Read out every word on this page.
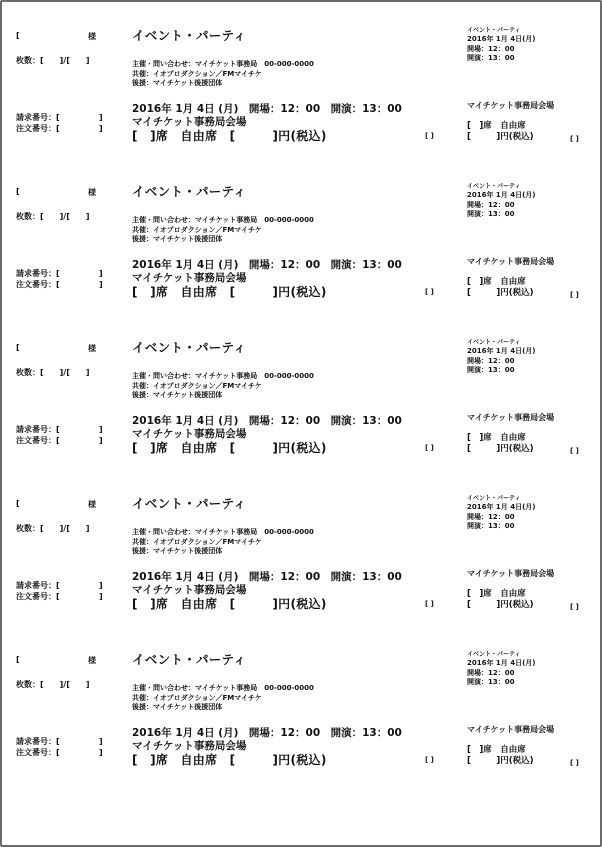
[	様
枚数：[　　]/[　　]
イベント・パーティ
主催・問い合わせ：マイチケット事務局　00-000-0000
共催：イオプロダクション／FMマイチケ
後援：マイチケット後援団体
請求番号：[	]
注文番号：[	]
2016年 1月 4日 (月)　開場：12：00　開演：13：00
マイチケット事務局会場
[　]席　自由席　[　　　]円(税込)	[ ]
イベント・パーティ
2016年 1月 4日(月)
開場：12：00
開演：13：00
マイチケット事務局会場
[　]席　自由席
[　　　]円(税込)	[ ]
[	様
枚数：[　　]/[　　]
イベント・パーティ
主催・問い合わせ：マイチケット事務局　00-000-0000
共催：イオプロダクション／FMマイチケ
後援：マイチケット後援団体
請求番号：[	]
注文番号：[	]
2016年 1月 4日 (月)　開場：12：00　開演：13：00
マイチケット事務局会場
[　]席　自由席　[　　　]円(税込)	[ ]
イベント・パーティ
2016年 1月 4日(月)
開場：12：00
開演：13：00
マイチケット事務局会場
[　]席　自由席
[　　　]円(税込)	[ ]
[	様
枚数：[　　]/[　　]
イベント・パーティ
主催・問い合わせ：マイチケット事務局　00-000-0000
共催：イオプロダクション／FMマイチケ
後援：マイチケット後援団体
請求番号：[	]
注文番号：[	]
2016年 1月 4日 (月)　開場：12：00　開演：13：00
マイチケット事務局会場
[　]席　自由席　[　　　]円(税込)	[ ]
イベント・パーティ
2016年 1月 4日(月)
開場：12：00
開演：13：00
マイチケット事務局会場
[　]席　自由席
[　　　]円(税込)	[ ]
[	様
枚数：[　　]/[　　]
イベント・パーティ
主催・問い合わせ：マイチケット事務局　00-000-0000
共催：イオプロダクション／FMマイチケ
後援：マイチケット後援団体
請求番号：[	]
注文番号：[	]
2016年 1月 4日 (月)　開場：12：00　開演：13：00
マイチケット事務局会場
[　]席　自由席　[　　　]円(税込)	[ ]
イベント・パーティ
2016年 1月 4日(月)
開場：12：00
開演：13：00
マイチケット事務局会場
[　]席　自由席
[　　　]円(税込)	[ ]
[	様
枚数：[　　]/[　　]
イベント・パーティ
主催・問い合わせ：マイチケット事務局　00-000-0000
共催：イオプロダクション／FMマイチケ
後援：マイチケット後援団体
請求番号：[	]
注文番号：[	]
2016年 1月 4日 (月)　開場：12：00　開演：13：00
マイチケット事務局会場
[　]席　自由席　[　　　]円(税込)	[ ]
イベント・パーティ
2016年 1月 4日(月)
開場：12：00
開演：13：00
マイチケット事務局会場
[　]席　自由席
[　　　]円(税込)	[ ]
